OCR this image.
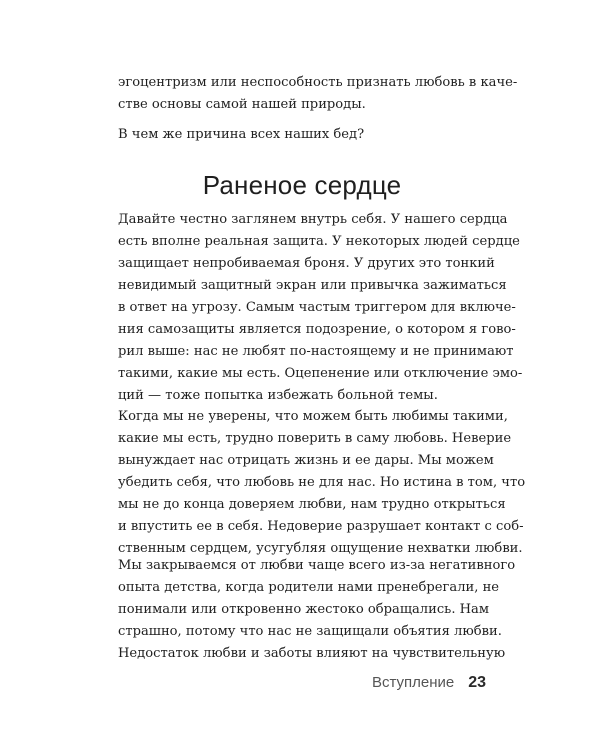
эгоцентризм или неспособность признать любовь в каче-
стве основы самой нашей природы.
В чем же причина всех наших бед?
Раненое сердце
Давайте честно заглянем внутрь себя. У нашего сердца
есть вполне реальная защита. У некоторых людей сердце
защищает непробиваемая броня. У других это тонкий
невидимый защитный экран или привычка зажиматься
в ответ на угрозу. Самым частым триггером для включе-
ния самозащиты является подозрение, о котором я гово-
рил выше: нас не любят по-настоящему и не принимают
такими, какие мы есть. Оцепенение или отключение эмо-
ций — тоже попытка избежать больной темы.
Когда мы не уверены, что можем быть любимы такими,
какие мы есть, трудно поверить в саму любовь. Неверие
вынуждает нас отрицать жизнь и ее дары. Мы можем
убедить себя, что любовь не для нас. Но истина в том, что
мы не до конца доверяем любви, нам трудно открыться
и впустить ее в себя. Недоверие разрушает контакт с соб-
ственным сердцем, усугубляя ощущение нехватки любви.
Мы закрываемся от любви чаще всего из-за негативного
опыта детства, когда родители нами пренебрегали, не
понимали или откровенно жестоко обращались. Нам
страшно, потому что нас не защищали объятия любви.
Недостаток любви и заботы влияют на чувствительную
Вступление 23
